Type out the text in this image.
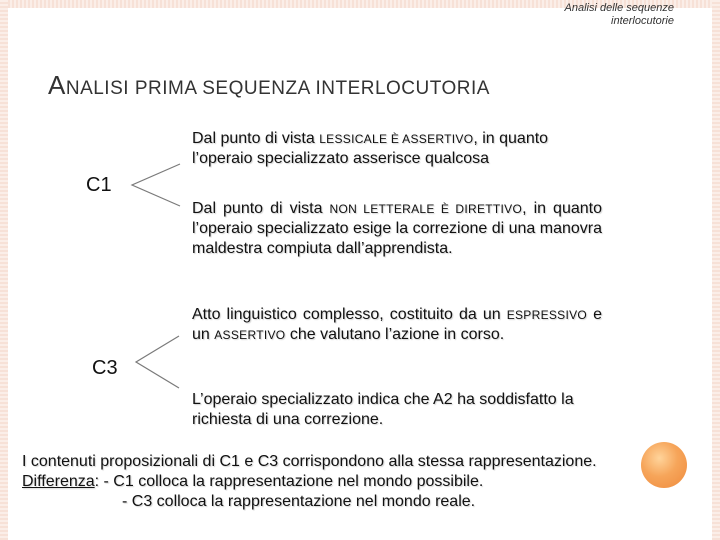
Analisi delle sequenze
interlocutorie
ANALISI PRIMA SEQUENZA INTERLOCUTORIA
C1
C3
Dal punto di vista LESSICALE È ASSERTIVO, in quanto l’operaio specializzato asserisce qualcosa
Dal punto di vista NON LETTERALE È DIRETTIVO, in quanto l’operaio specializzato esige la correzione di una manovra maldestra compiuta dall’apprendista.
Atto linguistico complesso, costituito da un ESPRESSIVO e un ASSERTIVO che valutano l’azione in corso.
L’operaio specializzato indica che A2 ha soddisfatto la richiesta di una correzione.
I contenuti proposizionali di C1 e C3 corrispondono alla stessa rappresentazione.
Differenza: - C1 colloca la rappresentazione nel mondo possibile.
- C3 colloca la rappresentazione nel mondo reale.
